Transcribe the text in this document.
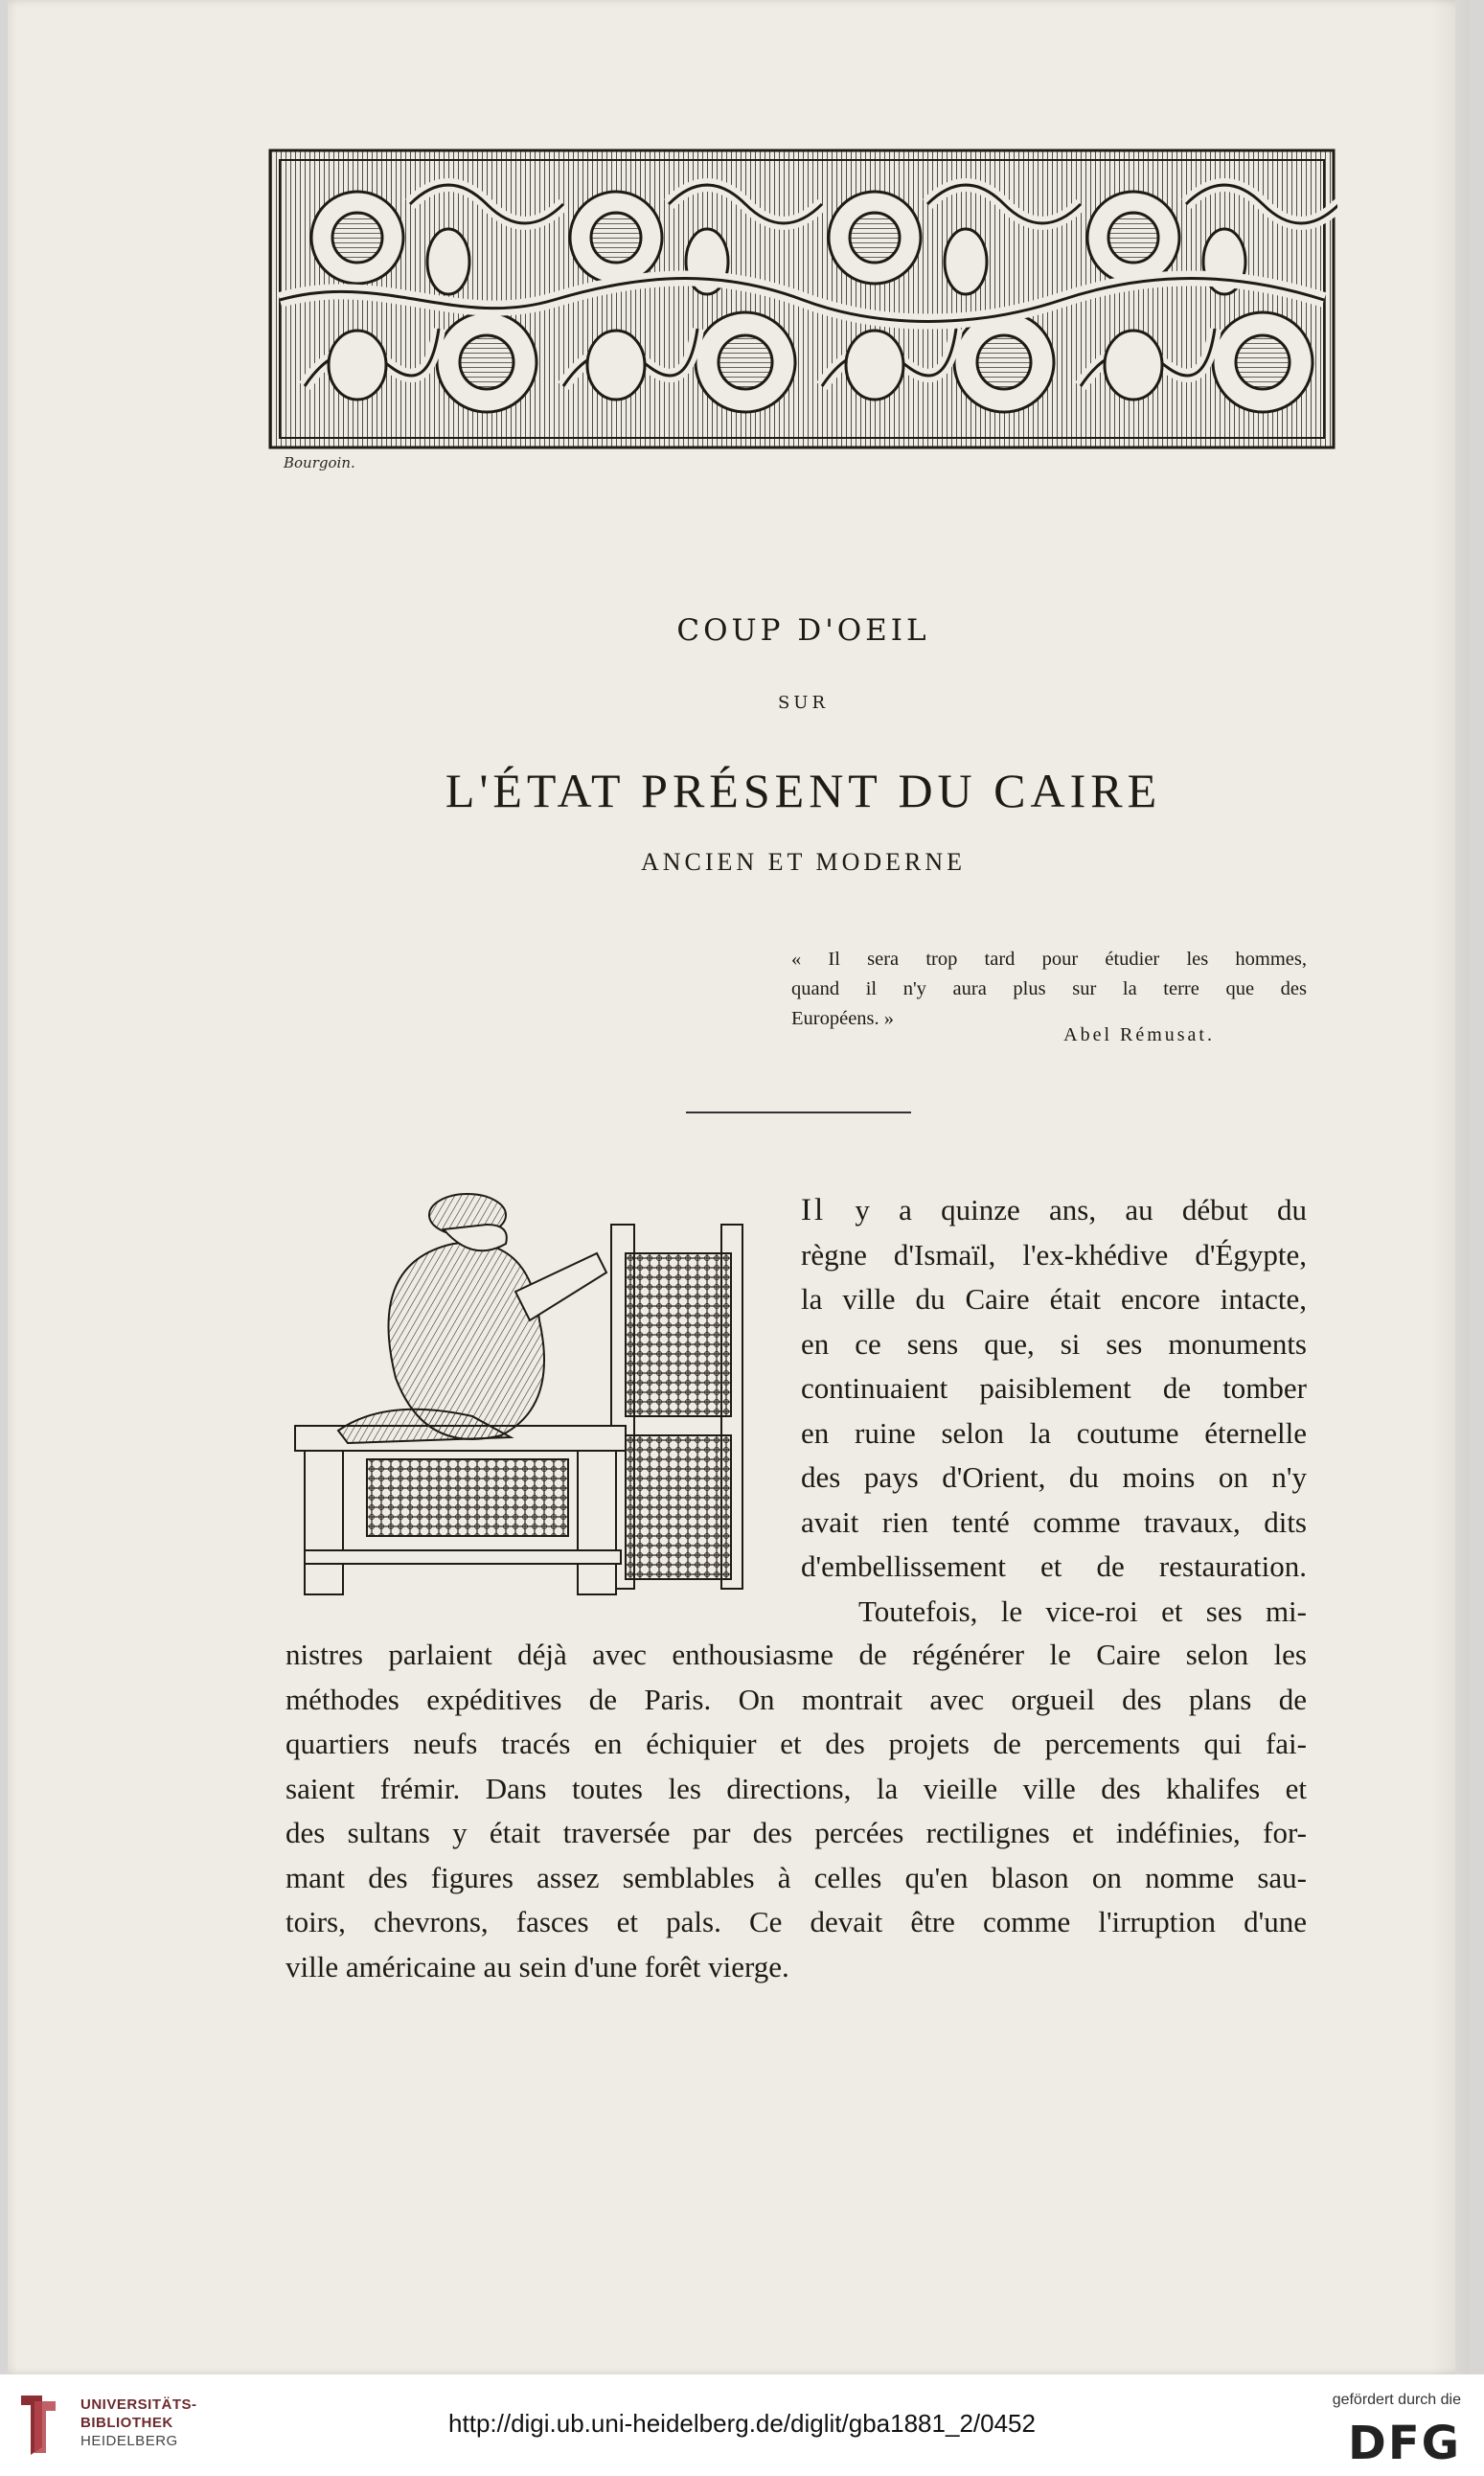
Bourgoin.
COUP D'OEIL
SUR
L'ÉTAT PRÉSENT DU CAIRE
ANCIEN ET MODERNE
« Il sera trop tard pour étudier les hommes,
quand il n'y aura plus sur la terre que des
Européens. »
Abel Rémusat.
Il y a quinze ans, au début du
règne d'Ismaïl, l'ex-khédive d'Égypte,
la ville du Caire était encore intacte,
en ce sens que, si ses monuments
continuaient paisiblement de tomber
en ruine selon la coutume éternelle
des pays d'Orient, du moins on n'y
avait rien tenté comme travaux, dits
d'embellissement et de restauration.
Toutefois, le vice-roi et ses mi-
nistres parlaient déjà avec enthousiasme de régénérer le Caire selon les
méthodes expéditives de Paris. On montrait avec orgueil des plans de
quartiers neufs tracés en échiquier et des projets de percements qui fai-
saient frémir. Dans toutes les directions, la vieille ville des khalifes et
des sultans y était traversée par des percées rectilignes et indéfinies, for-
mant des figures assez semblables à celles qu'en blason on nomme sau-
toirs, chevrons, fasces et pals. Ce devait être comme l'irruption d'une
ville américaine au sein d'une forêt vierge.
UNIVERSITÄTS-
BIBLIOTHEK
HEIDELBERG
http://digi.ub.uni-heidelberg.de/diglit/gba1881_2/0452
gefördert durch die
DFG
